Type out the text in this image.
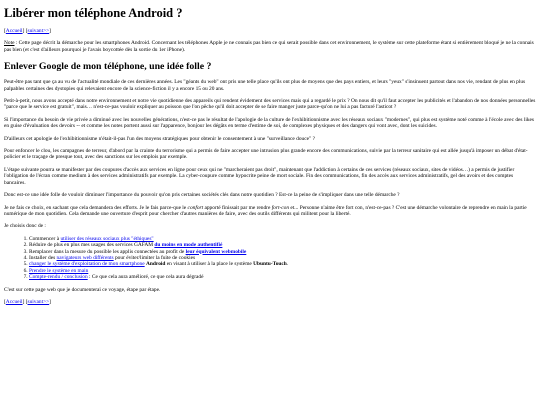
Libérer mon téléphone Android ?
[Accueil] [suivant>>]

Note : Cette page décrit la démarche pour les smartphones Android. Concernant les téléphones Apple je ne connais pas bien ce qui serait possible dans cet environnement, le système sur cette plateforme étant si entièrement bloqué je ne la connais pas bien (et c'est d'ailleurs pourquoi je l'avais boycottée dès la sortie du 1er iPhone).

Enlever Google de mon téléphone, une idée folle ?

Peut-être pas tant que ça au vu de l'actualité mondiale de ces dernières années. Les "géants du web" ont pris une telle place qu'ils ont plus de moyens que des pays entiers, et leurs "yeux" s'insinuent partout dans nos vie, rendant de plus en plus palpables certaines des dystopies qui relevaient encore de la science-fiction il y a encore 15 ou 20 ans.

Petit-à-petit, nous avons accepté dans notre environnement et notre vie quotidienne des appareils qui rendent évidement des services mais qui a regardé le prix ? On nous dit qu'il faut accepter les publicités et l'abandon de nos données personnelles "parce que le service est gratuit", mais… n'est-ce-pas vouloir expliquer au poisson que l'on pêche qu'il doit accepter de se faire manger juste parce-qu'on ne lui a pas facturé l'asticot ?

Si l'importance du besoin de vie privée a diminué avec les nouvelles générations, n'est-ce pas le résultat de l'apologie de la culture de l'exhibitionnisme avec les réseaux sociaux "modernes", qui plus est système noté comme à l'école avec des likes en guise d'évaluation des devoirs -- et comme les notes portent aussi sur l'apparence, bonjour les dégâts en terme d'estime de soi, de complexes physiques et des dangers qui vont avec, dont les suicides.

D'ailleurs cet apologie de l'exhibitionnisme n'était-il-pas l'un des moyens stratégiques pour obtenir le consentement à une "surveillance douce" ?

Pour enfoncer le clou, les campagnes de terreur, d'abord par la crainte du terrorisme qui a permis de faire accepter une intrusion plus grande encore des communications, suivie par la terreur sanitaire qui est allée jusqu'à imposer un débat d'état-policier et le traçage de presque tout, avec des sanctions sur les emplois par exemple.

L'étape suivante pourra se manifester par des coupures d'accès aux services en ligne pour ceux qui ne "marcheraient pas droit", maintenant que l'addiction à certains de ces services (réseaux sociaux, sites de vidéos…) a permis de justifier l'obligation de l'écran comme medium à des services administratifs par exemple. La cyber-coupure comme hypocrite peine de mort sociale. Fin des communications, fin des accès aux services administratifs, gel des avoirs et des comptes bancaires.

Donc est-ce une idée folle de vouloir diminuer l'importance du pouvoir qu'on pris certaines sociétés clés dans notre quotidien ? Est-ce la peine de s'impliquer dans une telle démarche ?

Je ne fais ce choix, en sachant que cela demandera des efforts. Je le fais parce-que le confort apporté finissait par me rendre fort-con et... Personne n'aime être fort con, n'est-ce-pas ? C'est une démarche volontaire de reprendre en main la partie numérique de mon quotidien. Cela demande une ouverture d'esprit pour chercher d'autres manières de faire, avec des outils différents qui militent pour la liberté.

Je choisis donc de :

1. Commencer à utiliser des réseaux sociaux plus "éthiques"
2. Réduire de plus en plus mes usages des services GAFAM du moins en mode authentifié
3. Remplacer dans la mesure du possible les applis connectées au profit de leur équivalent webmobile
4. Installer des navigateurs web différents pour éviter/limiter la fuite de cookies
5. changer le système d'exploitation de mon smartphone Android en visant à utiliser à la place le système Ubuntu-Touch.
6. Prendre le système en main
7. Compte-rendu / conclusion : Ce que cela aura amélioré, ce que cela aura dégradé

C'est sur cette page web que je documenterai ce voyage, étape par étape.

[Accueil] [suivant>>]
